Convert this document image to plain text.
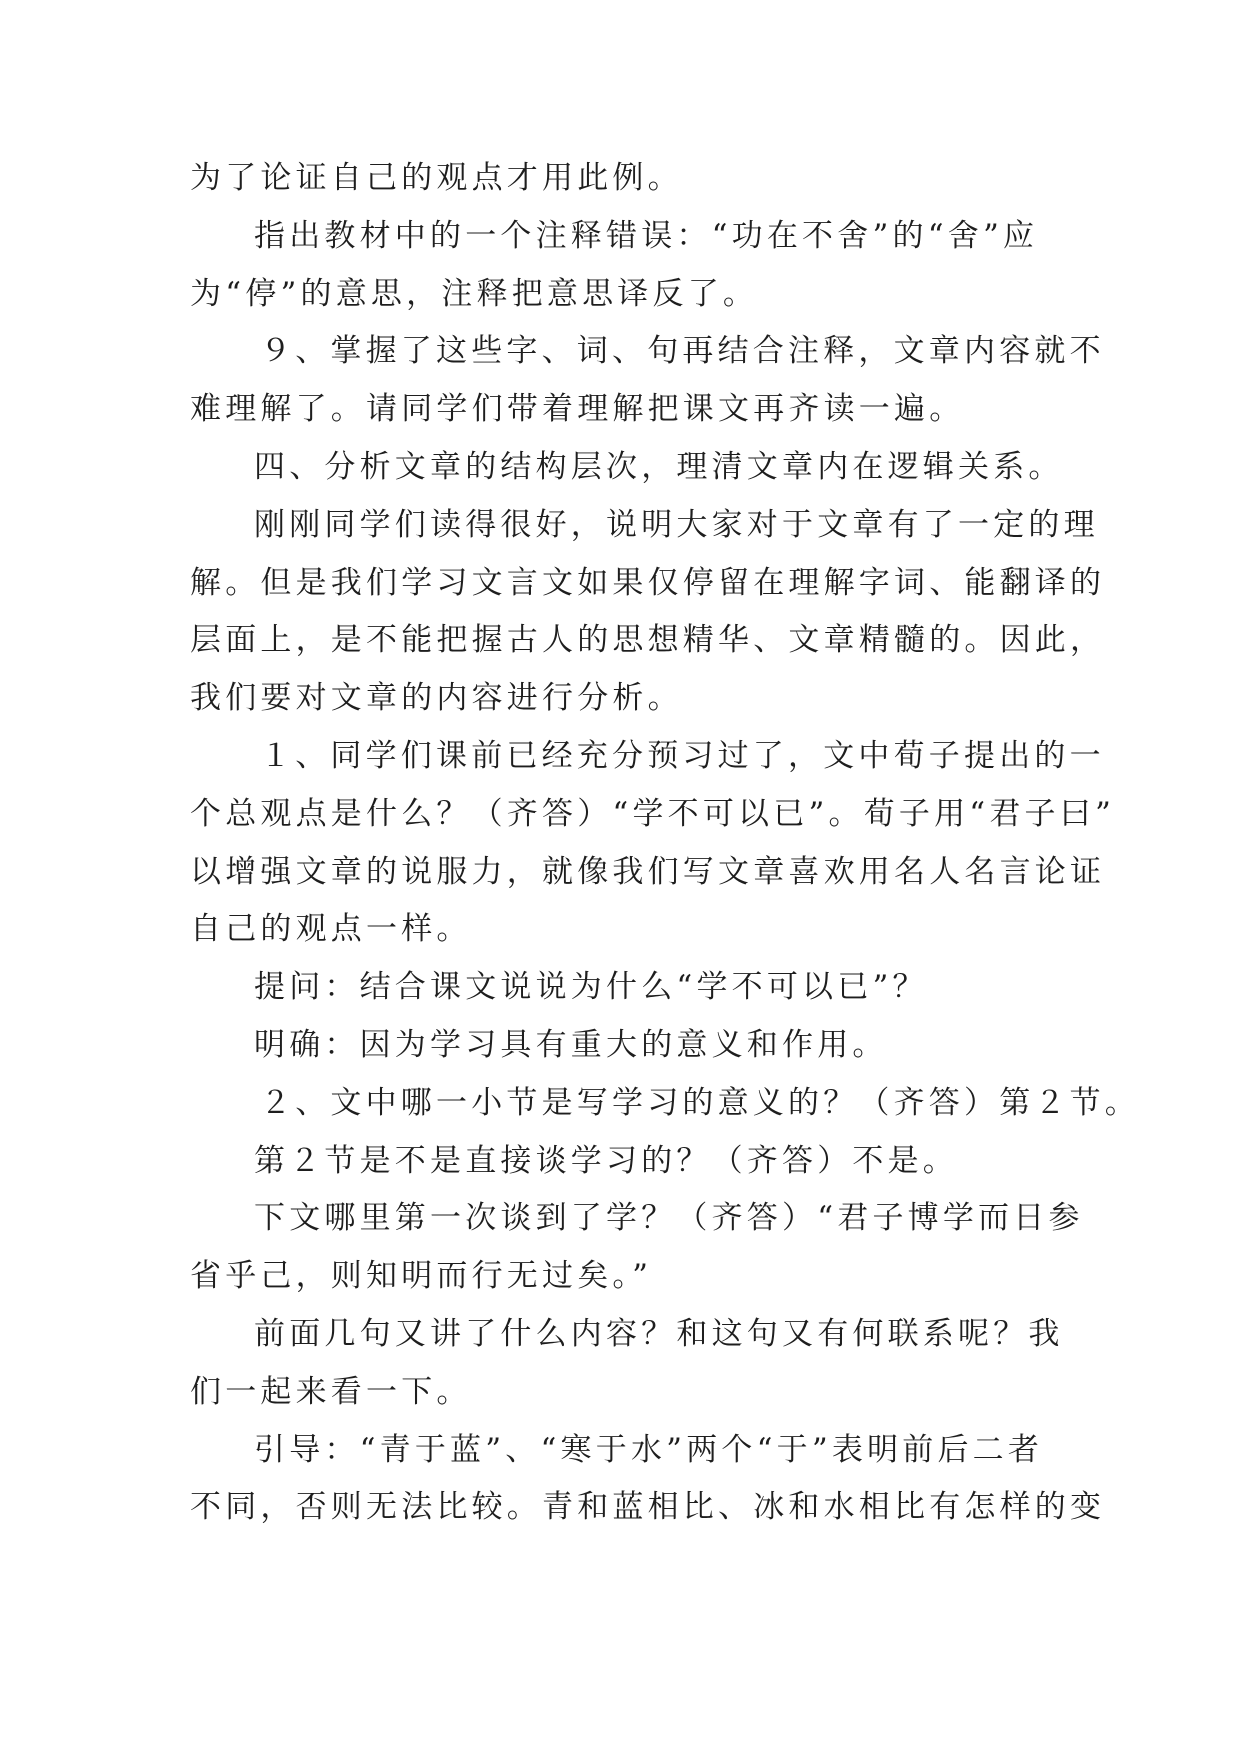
为了论证自己的观点才用此例。

指出教材中的一个注释错误：“功在不舍”的“舍”应

为“停”的意思，注释把意思译反了。

９、掌握了这些字、词、句再结合注释，文章内容就不

难理解了。请同学们带着理解把课文再齐读一遍。

四、分析文章的结构层次，理清文章内在逻辑关系。

刚刚同学们读得很好，说明大家对于文章有了一定的理

解。但是我们学习文言文如果仅停留在理解字词、能翻译的

层面上，是不能把握古人的思想精华、文章精髓的。因此，

我们要对文章的内容进行分析。

１、同学们课前已经充分预习过了，文中荀子提出的一

个总观点是什么？（齐答）“学不可以已”。荀子用“君子曰”

以增强文章的说服力，就像我们写文章喜欢用名人名言论证

自己的观点一样。

提问：结合课文说说为什么“学不可以已”？

明确：因为学习具有重大的意义和作用。

２、文中哪一小节是写学习的意义的？（齐答）第２节。

第２节是不是直接谈学习的？（齐答）不是。

下文哪里第一次谈到了学？（齐答）“君子博学而日参

省乎己，则知明而行无过矣。”

前面几句又讲了什么内容？和这句又有何联系呢？我

们一起来看一下。

引导：“青于蓝”、“寒于水”两个“于”表明前后二者

不同，否则无法比较。青和蓝相比、冰和水相比有怎样的变
